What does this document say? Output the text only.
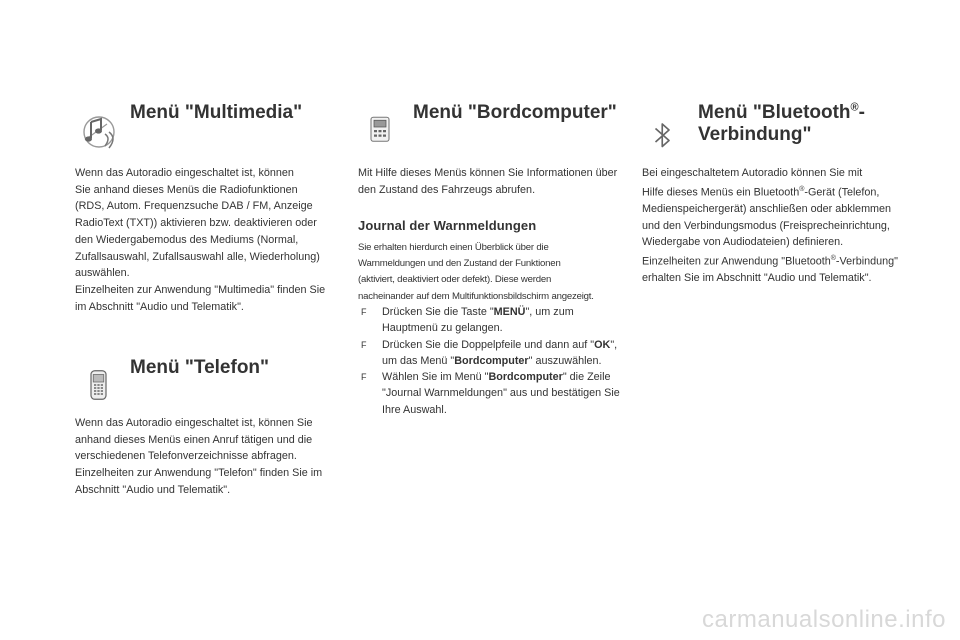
Menü "Multimedia"

Wenn das Autoradio eingeschaltet ist, können

Sie anhand dieses Menüs die Radiofunktionen

(RDS, Autom. Frequenzsuche DAB / FM, Anzeige

RadioText (TXT)) aktivieren bzw. deaktivieren oder

den Wiedergabemodus des Mediums (Normal,

Zufallsauswahl, Zufallsauswahl alle, Wiederholung)

auswählen.

Einzelheiten zur Anwendung "Multimedia" finden Sie

im Abschnitt "Audio und Telematik".

Menü "Telefon"

Wenn das Autoradio eingeschaltet ist, können Sie

anhand dieses Menüs einen Anruf tätigen und die

verschiedenen Telefonverzeichnisse abfragen.

Einzelheiten zur Anwendung "Telefon" finden Sie im

Abschnitt "Audio und Telematik".

Menü "Bordcomputer"

Mit Hilfe dieses Menüs können Sie Informationen über

den Zustand des Fahrzeugs abrufen.

Journal der Warnmeldungen

Sie erhalten hierdurch einen Überblick über die

Warnmeldungen und den Zustand der Funktionen

(aktiviert, deaktiviert oder defekt). Diese werden

nacheinander auf dem Multifunktionsbildschirm angezeigt.

F Drücken Sie die Taste "MENÜ", um zum
Hauptmenü zu gelangen.
F Drücken Sie die Doppelpfeile und dann auf "OK",
um das Menü "Bordcomputer" auszuwählen.
F Wählen Sie im Menü "Bordcomputer" die Zeile
"Journal Warnmeldungen" aus und bestätigen Sie
Ihre Auswahl.
Menü "Bluetooth®-
Verbindung"

Bei eingeschaltetem Autoradio können Sie mit

Hilfe dieses Menüs ein Bluetooth®-Gerät (Telefon,

Medienspeichergerät) anschließen oder abklemmen

und den Verbindungsmodus (Freisprecheinrichtung,

Wiedergabe von Audiodateien) definieren.

Einzelheiten zur Anwendung "Bluetooth®-Verbindung"

erhalten Sie im Abschnitt "Audio und Telematik".

carmanualsonline.info
